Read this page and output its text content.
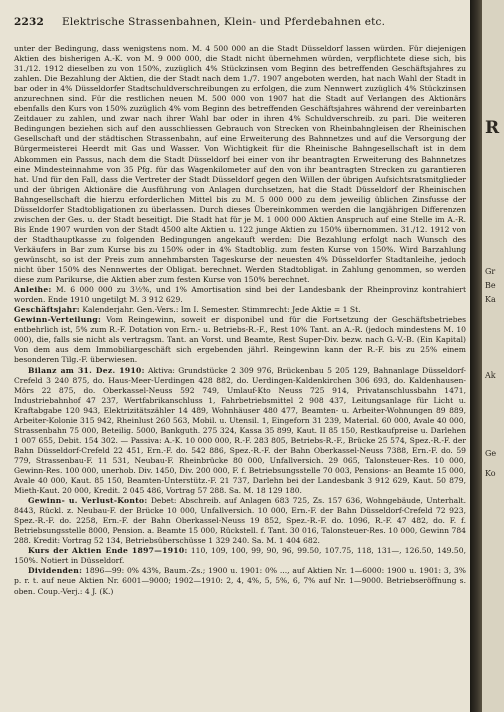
2232 Elektrische Strassenbahnen, Klein- und Pferdebahnen etc.

unter der Bedingung, dass wenigstens nom. M. 4 500 000 an die Stadt Düsseldorf lassen würden. Für diejenigen Aktien des bisherigen A.-K. von M. 9 000 000, die Stadt nicht übernehmen würden, verpflichtete diese sich, bis 31./12. 1912 dieselben zu von 150%, zuzüglich 4% Stückzinsen vom Beginn des betreffenden Geschäftsjahres zu zahlen. Die Bezahlung der Aktien, die der Stadt nach dem 1./7. 1907 angeboten werden, hat nach Wahl der Stadt in bar oder in 4% Düsseldorfer Stadtschuldverschreibungen zu erfolgen, die zum Nennwert zuzüglich 4% Stückzinsen anzurechnen sind. Für die restlichen neuen M. 500 000 von 1907 hat die Stadt auf Verlangen des Aktionärs ebenfalls den Kurs von 150% zuzüglich 4% vom Beginn des betreffenden Geschäftsjahres während der vereinbarten Zeitdauer zu zahlen, und zwar nach ihrer Wahl bar oder in ihren 4% Schuldverschreib. zu pari. Die weiteren Bedingungen beziehen sich auf den ausschliessen Gebrauch von Strecken von Rheinbahngleisen der Rheinischen Gesellschaft und der städtischen Strassenbahn, auf eine Erweiterung des Bahnnetzes und auf die Versorgung der Bürgermeisterei Heerdt mit Gas und Wasser. Von Wichtigkeit für die Rheinische Bahngesellschaft ist in dem Abkommen ein Passus, nach dem die Stadt Düsseldorf bei einer von ihr beantragten Erweiterung des Bahnnetzes eine Mindesteinnahme von 35 Pfg. für das Wagenkilometer auf den von ihr beantragten Strecken zu garantieren hat. Und für den Fall, dass die Vertreter der Stadt Düsseldorf gegen den Willen der übrigen Aufsichtsratsmitglieder und der übrigen Aktionäre die Ausführung von Anlagen durchsetzen, hat die Stadt Düsseldorf der Rheinischen Bahngesellschaft die hierzu erforderlichen Mittel bis zu M. 5 000 000 zu dem jeweilig üblichen Zinsfusse der Düsseldorfer Stadtobligationen zu überlassen. Durch dieses Übereinkommen werden die langjährigen Differenzen zwischen der Ges. u. der Stadt beseitigt. Die Stadt hat für je M. 1 000 000 Aktien Anspruch auf eine Stelle im A.-R. Bis Ende 1907 wurden von der Stadt 4500 alte Aktien u. 122 junge Aktien zu 150% übernommen. 31./12. 1912 von der Stadthauptkasse zu folgenden Bedingungen angekauft werden: Die Bezahlung erfolgt nach Wunsch des Verkäufers in Bar zum Kurse bis zu 150% oder in 4% Stadtoblig. zum festen Kurse von 150%. Wird Barzahlung gewünscht, so ist der Preis zum annehmbarsten Tageskurse der neuesten 4% Düsseldorfer Stadtanleihe, jedoch nicht über 150% des Nennwertes der Obligat. berechnet. Werden Stadtobligat. in Zahlung genommen, so werden diese zum Parikurse, die Aktien aber zum festen Kurse von 150% berechnet.

Anleihe: M. 6 000 000 zu 3½%, und 1% Amortisation sind bei der Landesbank der Rheinprovinz kontrahiert worden. Ende 1910 ungetilgt M. 3 912 629.

Geschäftsjahr: Kalenderjahr. Gen.-Vers.: Im I. Semester. Stimmrecht: Jede Aktie = 1 St.

Gewinn-Verteilung: Vom Reingewinn, soweit er disponibel und für die Fortsetzung der Geschäftsbetriebes entbehrlich ist, 5% zum R.-F. Dotation von Ern.- u. Betriebs-R.-F., Rest 10% Tant. an A.-R. (jedoch mindestens M. 10 000), die, falls sie nicht als vertragsm. Tant. an Vorst. und Beamte, Rest Super-Div. bezw. nach G.-V.-B. (Ein Kapital) Von dem aus dem Immobiliargeschäft sich ergebenden jährl. Reingewinn kann der R.-F. bis zu 25% einem besonderen Tilg.-F. überwiesen.

Bilanz am 31. Dez. 1910: Aktiva: Grundstücke 2 309 976, Brückenbau 5 205 129, Bahnanlage Düsseldorf-Crefeld 3 240 875, do. Haus-Meer-Uerdingen 428 882, do. Uerdingen-Kaldenkirchen 306 693, do. Kaldenhausen-Mörs 22 875, do. Oberkassel-Neuss 592 749, Umlauf-Kto Neuss 725 914, Privatanschlussbahn 1471, Industriebahnhof 47 237, Wertfabrikanschluss 1, Fahrbetriebsmittel 2 908 437, Leitungsanlage für Licht u. Kraftabgabe 120 943, Elektrizitätszähler 14 489, Wohnhäuser 480 477, Beamten- u. Arbeiter-Wohnungen 89 889, Arbeiter-Kolonie 315 942, Rheinlust 260 563, Mobil. u. Utensil. 1, Eingeforn 31 239, Material. 60 000, Avale 40 000, Strassenbahn 75 000, Beteilig. 5000, Bankguth. 275 324, Kassa 35 899, Kaut. II 85 150, Restkaufpreise u. Darlehen 1 007 655, Debit. 154 302. — Passiva: A.-K. 10 000 000, R.-F. 283 805, Betriebs-R.-F., Brücke 25 574, Spez.-R.-F. der Bahn Düsseldorf-Crefeld 22 451, Ern.-F. do. 542 886, Spez.-R.-F. der Bahn Oberkassel-Neuss 7388, Ern.-F. do. 59 779, Strassenbau-F. 11 531, Neubau-F. Rheinbrücke 80 000, Unfallversich. 29 065, Talonsteuer-Res. 10 000, Gewinn-Res. 100 000, unerhob. Div. 1450, Div. 200 000, F. f. Betriebsungsstelle 70 003, Pensions- an Beamte 15 000, Avale 40 000, Kaut. 85 150, Beamten-Unterstütz.-F. 21 737, Darlehn bei der Landesbank 3 912 629, Kaut. 50 879, Mieth-Kaut. 20 000, Kredit. 2 045 486, Vortrag 57 288. Sa. M. 18 129 180.

Gewinn- u. Verlust-Konto: Debet: Abschreib. auf Anlagen 683 725, Zs. 157 636, Wohngebäude, Unterhalt. 8443, Rückl. z. Neubau-F. der Brücke 10 000, Unfallversich. 10 000, Ern.-F. der Bahn Düsseldorf-Crefeld 72 923, Spez.-R.-F. do. 2258, Ern.-F. der Bahn Oberkassel-Neuss 19 852, Spez.-R.-F. do. 1096, R.-F. 47 482, do. F. f. Betriebsungsstelle 8000, Pension. a. Beamte 15 000, Rückstell. f. Tant. 30 016, Talonsteuer-Res. 10 000, Gewinn 784 288. Kredit: Vortrag 52 134, Betriebsüberschüsse 1 329 240. Sa. M. 1 404 682.

Kurs der Aktien Ende 1897—1910: 110, 109, 100, 99, 90, 96, 99.50, 107.75, 118, 131—, 126.50, 149.50, 150%. Notiert in Düsseldorf.

Dividenden: 1896—99: 0% 43%, Baum.-Zs.; 1900 u. 1901: 0% ..., auf Aktien Nr. 1—6000: 1900 u. 1901: 3, 3% p. r. t. auf neue Aktien Nr. 6001—9000; 1902—1910: 2, 4, 4%, 5, 5%, 6, 7% auf Nr. 1—9000. Betriebseröffnung s. oben. Coup.-Verj.: 4 J. (K.)

R
Gr
Be
Ka
Ak
Ge
Ko
